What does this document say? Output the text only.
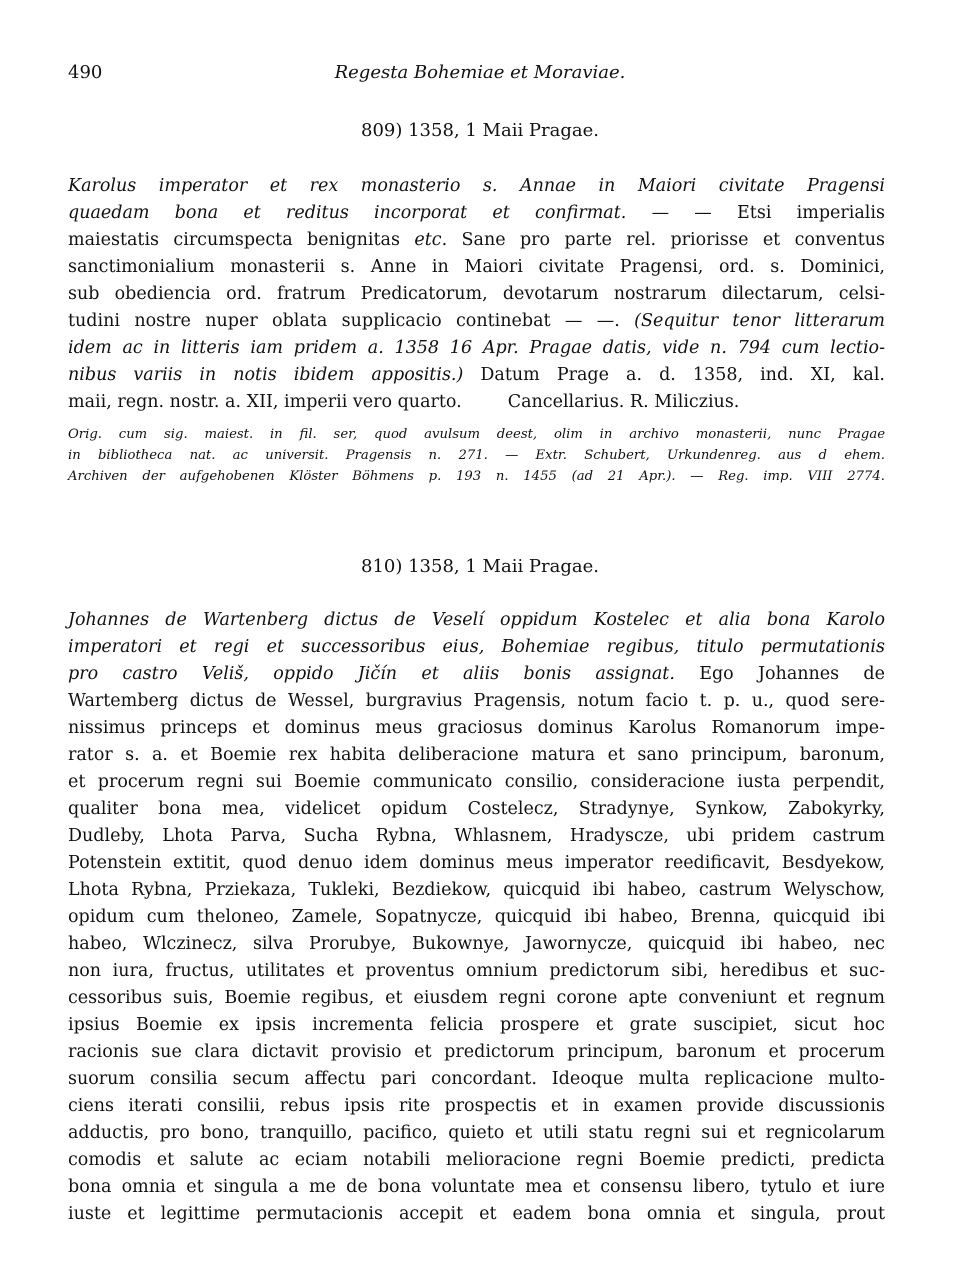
490	Regesta Bohemiae et Moraviae.
809) 1358, 1 Maii Pragae.
Karolus imperator et rex monasterio s. Annae in Maiori civitate Pragensi
quaedam bona et reditus incorporat et confirmat. — — Etsi imperialis
maiestatis circumspecta benignitas etc. Sane pro parte rel. priorisse et conventus
sanctimonialium monasterii s. Anne in Maiori civitate Pragensi, ord. s. Dominici,
sub obediencia ord. fratrum Predicatorum, devotarum nostrarum dilectarum, celsi-
tudini nostre nuper oblata supplicacio continebat — —. (Sequitur tenor litterarum
idem ac in litteris iam pridem a. 1358 16 Apr. Pragae datis, vide n. 794 cum lectio-
nibus variis in notis ibidem appositis.) Datum Prage a. d. 1358, ind. XI, kal.
maii, regn. nostr. a. XII, imperii vero quarto.	Cancellarius. R. Miliczius.
Orig. cum sig. maiest. in fil. ser, quod avulsum deest, olim in archivo monasterii, nunc Pragae
in bibliotheca nat. ac universit. Pragensis n. 271. — Extr. Schubert, Urkundenreg. aus d ehem.
Archiven der aufgehobenen Klöster Böhmens p. 193 n. 1455 (ad 21 Apr.). — Reg. imp. VIII 2774.
810) 1358, 1 Maii Pragae.
Johannes de Wartenberg dictus de Veselí oppidum Kostelec et alia bona Karolo
imperatori et regi et successoribus eius, Bohemiae regibus, titulo permutationis
pro castro Veliš, oppido Jičín et aliis bonis assignat. Ego Johannes de
Wartemberg dictus de Wessel, burgravius Pragensis, notum facio t. p. u., quod sere-
nissimus princeps et dominus meus graciosus dominus Karolus Romanorum impe-
rator s. a. et Boemie rex habita deliberacione matura et sano principum, baronum,
et procerum regni sui Boemie communicato consilio, consideracione iusta perpendit,
qualiter bona mea, videlicet opidum Costelecz, Stradynye, Synkow, Zabokyrky,
Dudleby, Lhota Parva, Sucha Rybna, Whlasnem, Hradyscze, ubi pridem castrum
Potenstein extitit, quod denuo idem dominus meus imperator reedificavit, Besdyekow,
Lhota Rybna, Prziekaza, Tukleki, Bezdiekow, quicquid ibi habeo, castrum Welyschow,
opidum cum theloneo, Zamele, Sopatnycze, quicquid ibi habeo, Brenna, quicquid ibi
habeo, Wlczinecz, silva Prorubye, Bukownye, Jawornycze, quicquid ibi habeo, nec
non iura, fructus, utilitates et proventus omnium predictorum sibi, heredibus et suc-
cessoribus suis, Boemie regibus, et eiusdem regni corone apte conveniunt et regnum
ipsius Boemie ex ipsis incrementa felicia prospere et grate suscipiet, sicut hoc
racionis sue clara dictavit provisio et predictorum principum, baronum et procerum
suorum consilia secum affectu pari concordant. Ideoque multa replicacione multo-
ciens iterati consilii, rebus ipsis rite prospectis et in examen provide discussionis
adductis, pro bono, tranquillo, pacifico, quieto et utili statu regni sui et regnicolarum
comodis et salute ac eciam notabili melioracione regni Boemie predicti, predicta
bona omnia et singula a me de bona voluntate mea et consensu libero, tytulo et iure
iuste et legittime permutacionis accepit et eadem bona omnia et singula, prout
